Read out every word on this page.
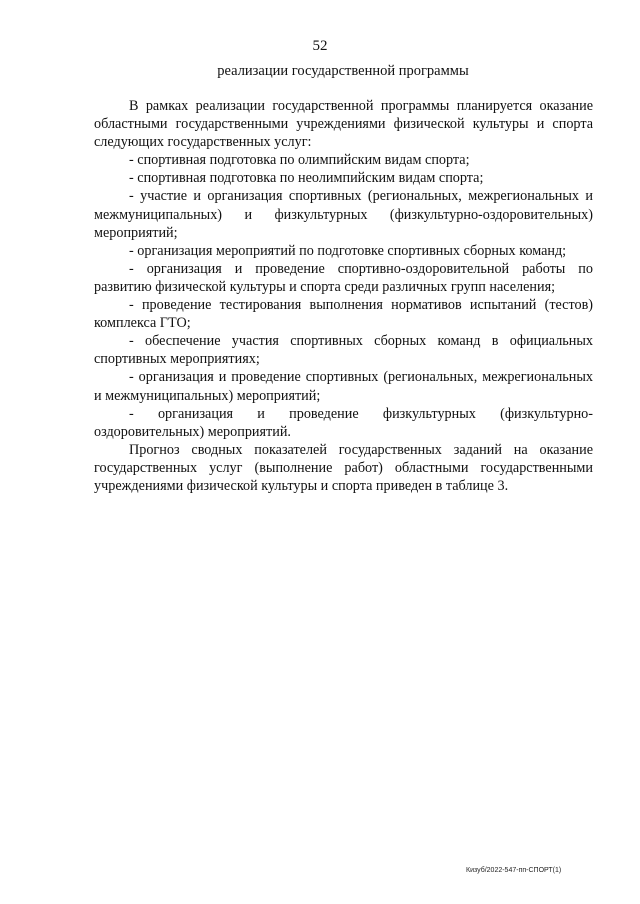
52
реализации государственной программы

В рамках реализации государственной программы планируется оказание областными государственными учреждениями физической культуры и спорта следующих государственных услуг:

- спортивная подготовка по олимпийским видам спорта;

- спортивная подготовка по неолимпийским видам спорта;

- участие и организация спортивных (региональных, межрегиональных и межмуниципальных) и физкультурных (физкультурно-оздоровительных) мероприятий;

- организация мероприятий по подготовке спортивных сборных команд;

- организация и проведение спортивно-оздоровительной работы по развитию физической культуры и спорта среди различных групп населения;

- проведение тестирования выполнения нормативов испытаний (тестов) комплекса ГТО;

- обеспечение участия спортивных сборных команд в официальных спортивных мероприятиях;

- организация и проведение спортивных (региональных, межрегиональных и межмуниципальных) мероприятий;

- организация и проведение физкультурных (физкультурно-оздоровительных) мероприятий.

Прогноз сводных показателей государственных заданий на оказание государственных услуг (выполнение работ) областными государственными учреждениями физической культуры и спорта приведен в таблице 3.

Кизуб/2022-547-пп-СПОРТ(1)
